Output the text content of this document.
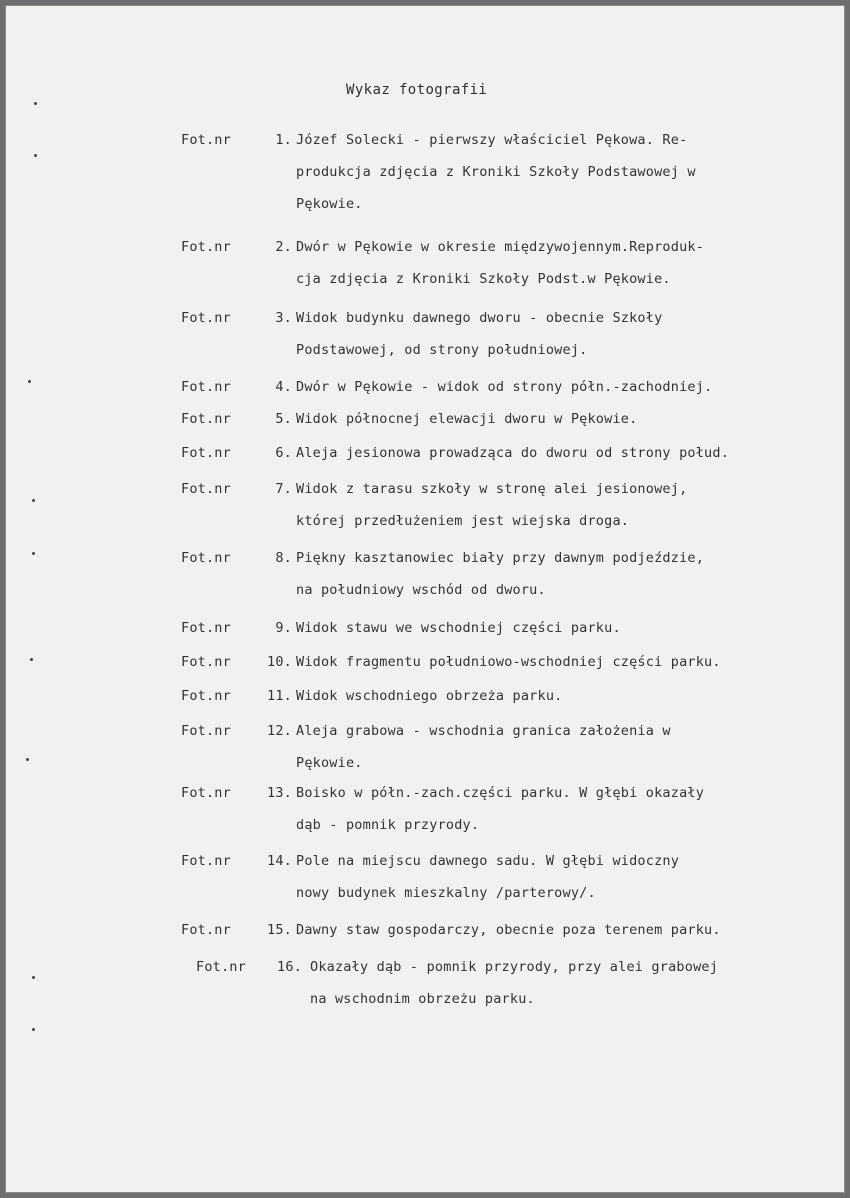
Wykaz fotografii
Fot.nr	1. Józef Solecki - pierwszy właściciel Pękowa. Re-
produkcja zdjęcia z Kroniki Szkoły Podstawowej w
Pękowie.
Fot.nr	2. Dwór w Pękowie w okresie międzywojennym.Reproduk-
cja zdjęcia z Kroniki Szkoły Podst.w Pękowie.
Fot.nr	3. Widok budynku dawnego dworu - obecnie Szkoły
Podstawowej, od strony południowej.
Fot.nr	4. Dwór w Pękowie - widok od strony półn.-zachodniej.
Fot.nr	5. Widok północnej elewacji dworu w Pękowie.
Fot.nr	6. Aleja jesionowa prowadząca do dworu od strony połud.
Fot.nr	7. Widok z tarasu szkoły w stronę alei jesionowej,
której przedłużeniem jest wiejska droga.
Fot.nr	8. Piękny kasztanowiec biały przy dawnym podjeździe,
na południowy wschód od dworu.
Fot.nr	9. Widok stawu we wschodniej części parku.
Fot.nr	10. Widok fragmentu południowo-wschodniej części parku.
Fot.nr	11. Widok wschodniego obrzeża parku.
Fot.nr	12. Aleja grabowa - wschodnia granica założenia w
Pękowie.
Fot.nr	13. Boisko w półn.-zach.części parku. W głębi okazały
dąb - pomnik przyrody.
Fot.nr	14. Pole na miejscu dawnego sadu. W głębi widoczny
nowy budynek mieszkalny /parterowy/.
Fot.nr	15. Dawny staw gospodarczy, obecnie poza terenem parku.
Fot.nr	16. Okazały dąb - pomnik przyrody, przy alei grabowej
na wschodnim obrzeżu parku.
